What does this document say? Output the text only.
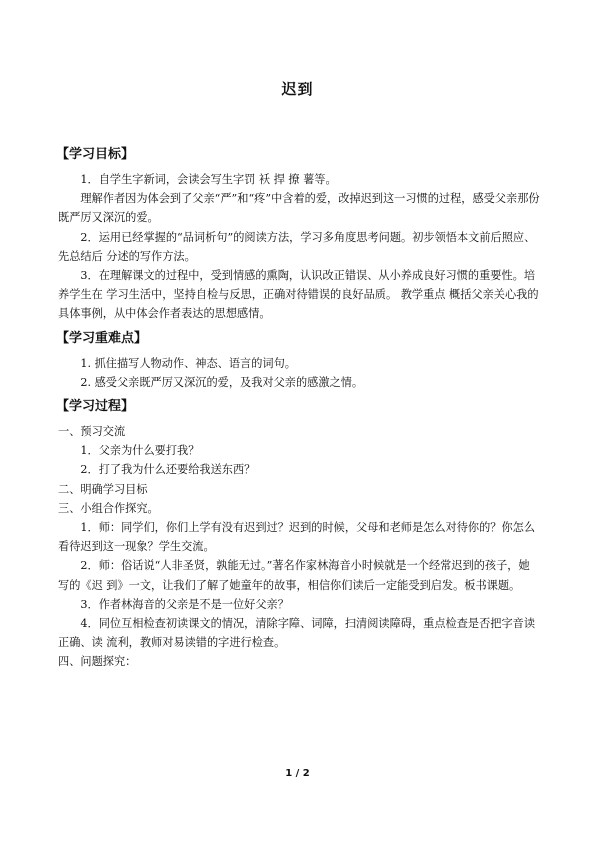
迟到
【学习目标】

1．自学生字新词，会读会写生字罚 袄 捍 撩 薯等。

理解作者因为体会到了父亲“严”和“疼”中含着的爱，改掉迟到这一习惯的过程，感受父亲那份既严厉又深沉的爱。

2．运用已经掌握的“品词析句”的阅读方法，学习多角度思考问题。初步领悟本文前后照应、先总结后 分述的写作方法。

3．在理解课文的过程中，受到情感的熏陶，认识改正错误、从小养成良好习惯的重要性。培养学生在 学习生活中，坚持自检与反思，正确对待错误的良好品质。 教学重点 概括父亲关心我的具体事例，从中体会作者表达的思想感情。

【学习重难点】

1. 抓住描写人物动作、神态、语言的词句。

2. 感受父亲既严厉又深沉的爱，及我对父亲的感激之情。

【学习过程】

一、预习交流

1．父亲为什么要打我？

2．打了我为什么还要给我送东西？

二、明确学习目标

三、小组合作探究。

1．师：同学们，你们上学有没有迟到过？迟到的时候，父母和老师是怎么对待你的？你怎么看待迟到这一现象？学生交流。

2．师：俗话说“人非圣贤，孰能无过。”著名作家林海音小时候就是一个经常迟到的孩子，她写的《迟 到》一文，让我们了解了她童年的故事，相信你们读后一定能受到启发。板书课题。

3．作者林海音的父亲是不是一位好父亲？

4．同位互相检查初读课文的情况，清除字障、词障，扫清阅读障碍，重点检查是否把字音读正确、读 流利，教师对易读错的字进行检查。

四、问题探究：

1 / 2
